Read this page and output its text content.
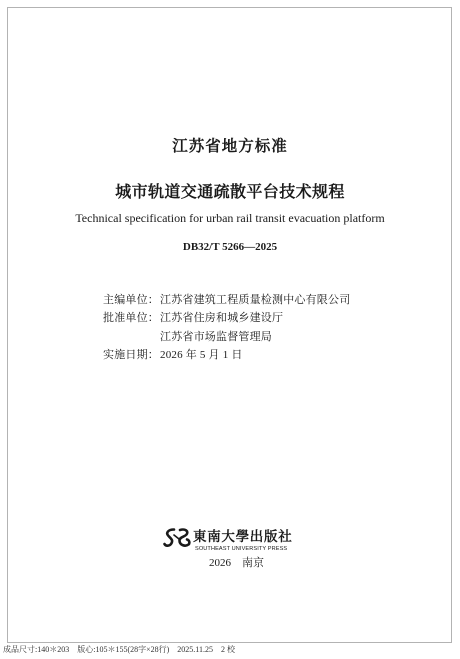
江苏省地方标准
城市轨道交通疏散平台技术规程
Technical specification for urban rail transit evacuation platform
DB32/T 5266—2025
主编单位： 江苏省建筑工程质量检测中心有限公司
批准单位： 江苏省住房和城乡建设厅
江苏省市场监督管理局
实施日期： 2026 年 5 月 1 日
東南大學出版社
SOUTHEAST UNIVERSITY PRESS
2026　南京
成品尺寸:140＊203　版心:105＊155(28字×28行)　2025.11.25　2 校
